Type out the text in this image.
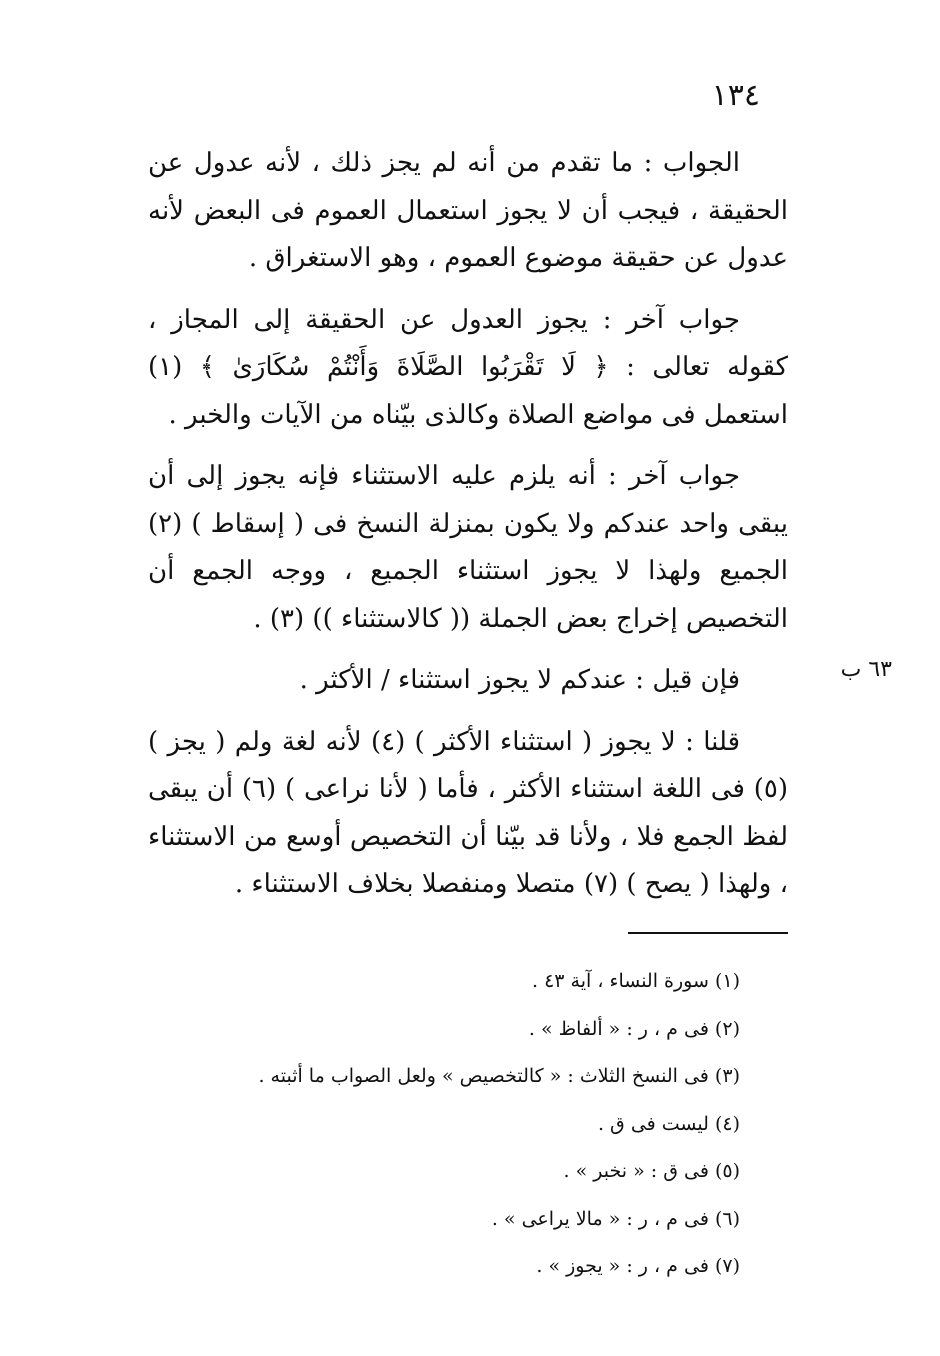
١٣٤

الجواب : ما تقدم من أنه لم يجز ذلك ، لأنه عدول عن الحقيقة ، فيجب أن لا يجوز استعمال العموم فى البعض لأنه عدول عن حقيقة موضوع العموم ، وهو الاستغراق .

جواب آخر : يجوز العدول عن الحقيقة إلى المجاز ، كقوله تعالى : ﴿ لَا تَقْرَبُوا الصَّلَاةَ وَأَنْتُمْ سُكَارَىٰ ﴾ (١) استعمل فى مواضع الصلاة وكالذى بيّناه من الآيات والخبر .

جواب آخر : أنه يلزم عليه الاستثناء فإنه يجوز إلى أن يبقى واحد عندكم ولا يكون بمنزلة النسخ فى ( إسقاط ) (٢) الجميع ولهذا لا يجوز استثناء الجميع ، ووجه الجمع أن التخصيص إخراج بعض الجملة (( كالاستثناء )) (٣) .

فإن قيل : عندكم لا يجوز استثناء / الأكثر .

قلنا : لا يجوز ( استثناء الأكثر ) (٤) لأنه لغة ولم ( يجز )(٥) فى اللغة استثناء الأكثر ، فأما ( لأنا نراعى ) (٦) أن يبقى لفظ الجمع فلا ، ولأنا قد بيّنا أن التخصيص أوسع من الاستثناء ، ولهذا ( يصح ) (٧) متصلا ومنفصلا بخلاف الاستثناء .

٦٣ ب
(١) سورة النساء ، آية ٤٣ .
(٢) فى م ، ر : « ألفاظ » .
(٣) فى النسخ الثلاث : « كالتخصيص » ولعل الصواب ما أثبته .
(٤) ليست فى ق .
(٥) فى ق : « نخبر » .
(٦) فى م ، ر : « مالا يراعى » .
(٧) فى م ، ر : « يجوز » .
